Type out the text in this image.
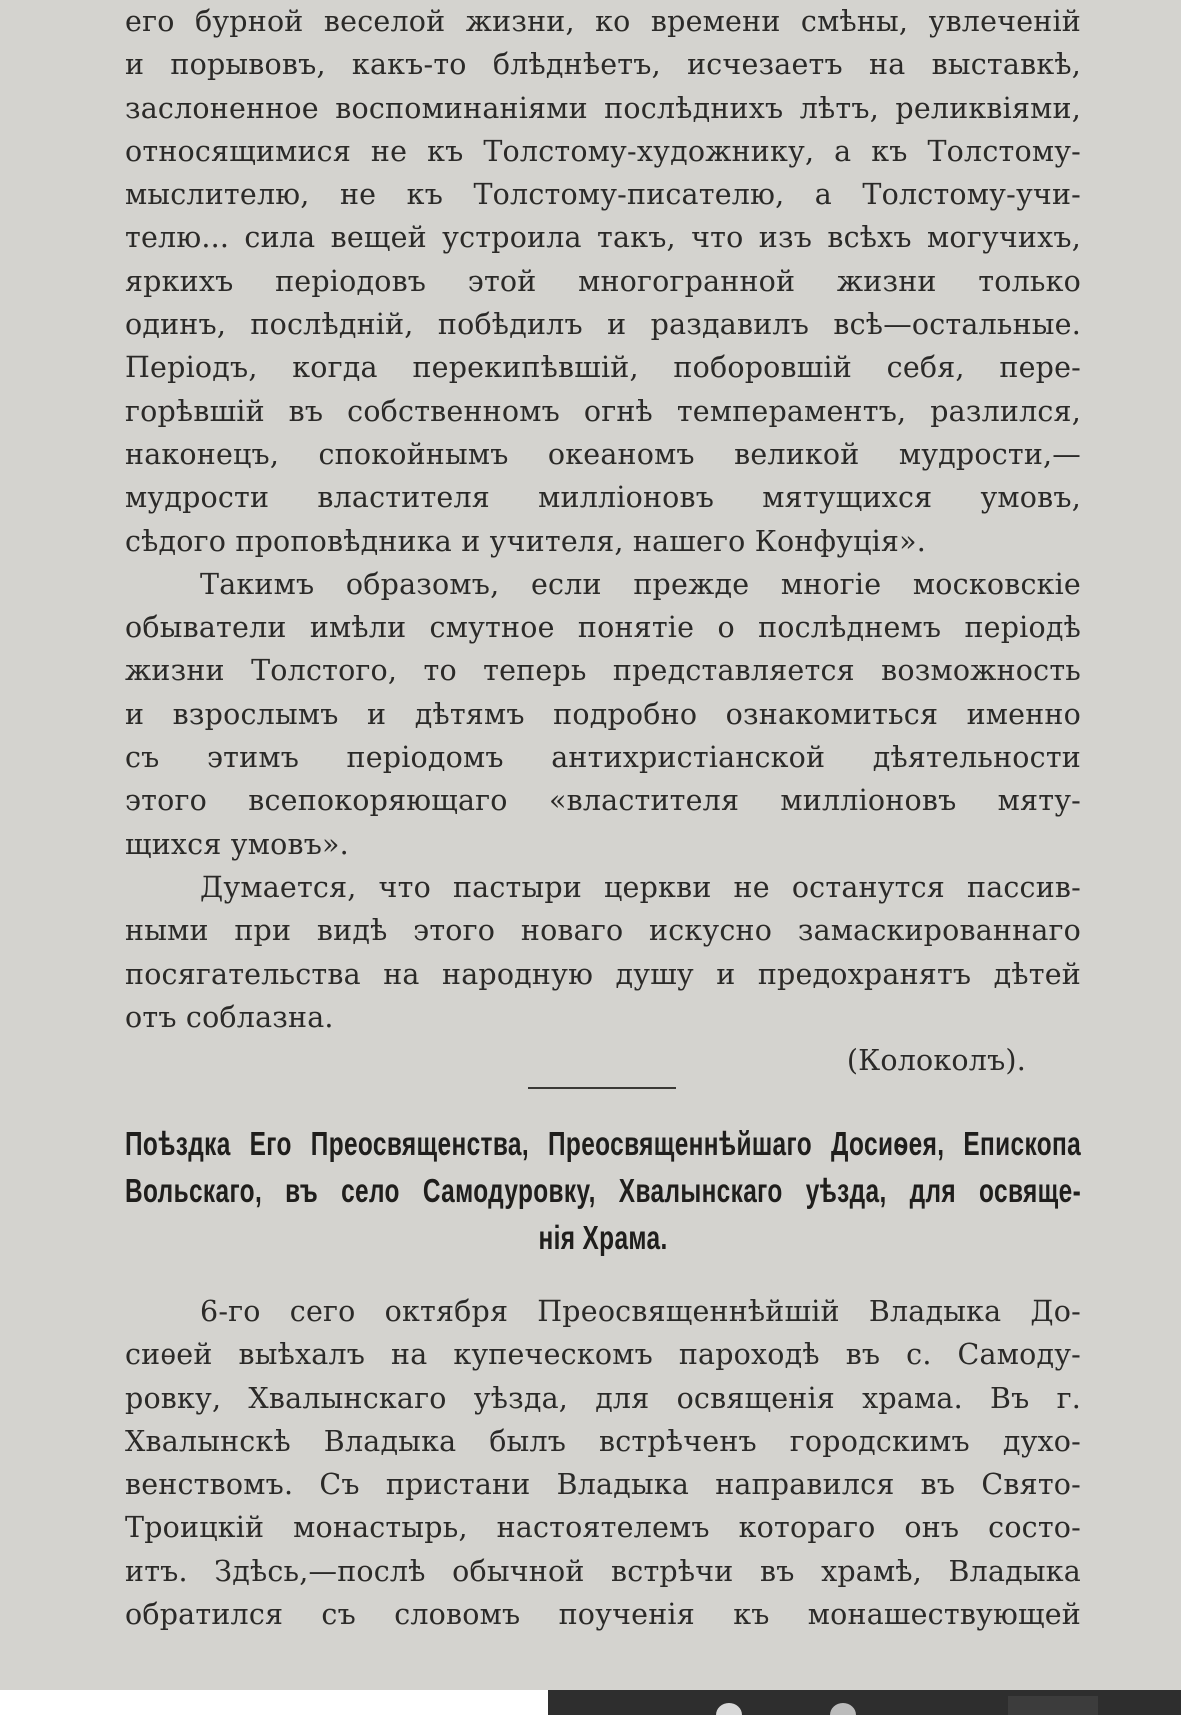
его бурной веселой жизни, ко времени смѣны, увлеченій
и порывовъ, какъ-то блѣднѣетъ, исчезаетъ на выставкѣ,
заслоненное воспоминаніями послѣднихъ лѣтъ, реликвіями,
относящимися не къ Толстому-художнику, а къ Толстому-
мыслителю, не къ Толстому-писателю, а Толстому-учи-
телю... сила вещей устроила такъ, что изъ всѣхъ могучихъ,
яркихъ періодовъ этой многогранной жизни только
одинъ, послѣдній, побѣдилъ и раздавилъ всѣ—остальные.
Періодъ, когда перекипѣвшій, поборовшій себя, пере-
горѣвшій въ собственномъ огнѣ темпераментъ, разлился,
наконецъ, спокойнымъ океаномъ великой мудрости,—
мудрости властителя милліоновъ мятущихся умовъ,
сѣдого проповѣдника и учителя, нашего Конфуція».
Такимъ образомъ, если прежде многіе московскіе
обыватели имѣли смутное понятіе о послѣднемъ періодѣ
жизни Толстого, то теперь представляется возможность
и взрослымъ и дѣтямъ подробно ознакомиться именно
съ этимъ періодомъ антихристіанской дѣятельности
этого всепокоряющаго «властителя милліоновъ мяту-
щихся умовъ».
Думается, что пастыри церкви не останутся пассив-
ными при видѣ этого новаго искусно замаскированнаго
посягательства на народную душу и предохранятъ дѣтей
отъ соблазна.
(Колоколъ).
Поѣздка Его Преосвященства, Преосвященнѣйшаго Досиѳея, Епископа
Вольскаго, въ село Самодуровку, Хвалынскаго уѣзда, для освяще-
нія Храма.
6-го сего октября Преосвященнѣйшій Владыка До-
сиѳей выѣхалъ на купеческомъ пароходѣ въ с. Самоду-
ровку, Хвалынскаго уѣзда, для освященія храма. Въ г.
Хвалынскѣ Владыка былъ встрѣченъ городскимъ духо-
венствомъ. Съ пристани Владыка направился въ Свято-
Троицкій монастырь, настоятелемъ котораго онъ состо-
итъ. Здѣсь,—послѣ обычной встрѣчи въ храмѣ, Владыка
обратился съ словомъ поученія къ монашествующей
